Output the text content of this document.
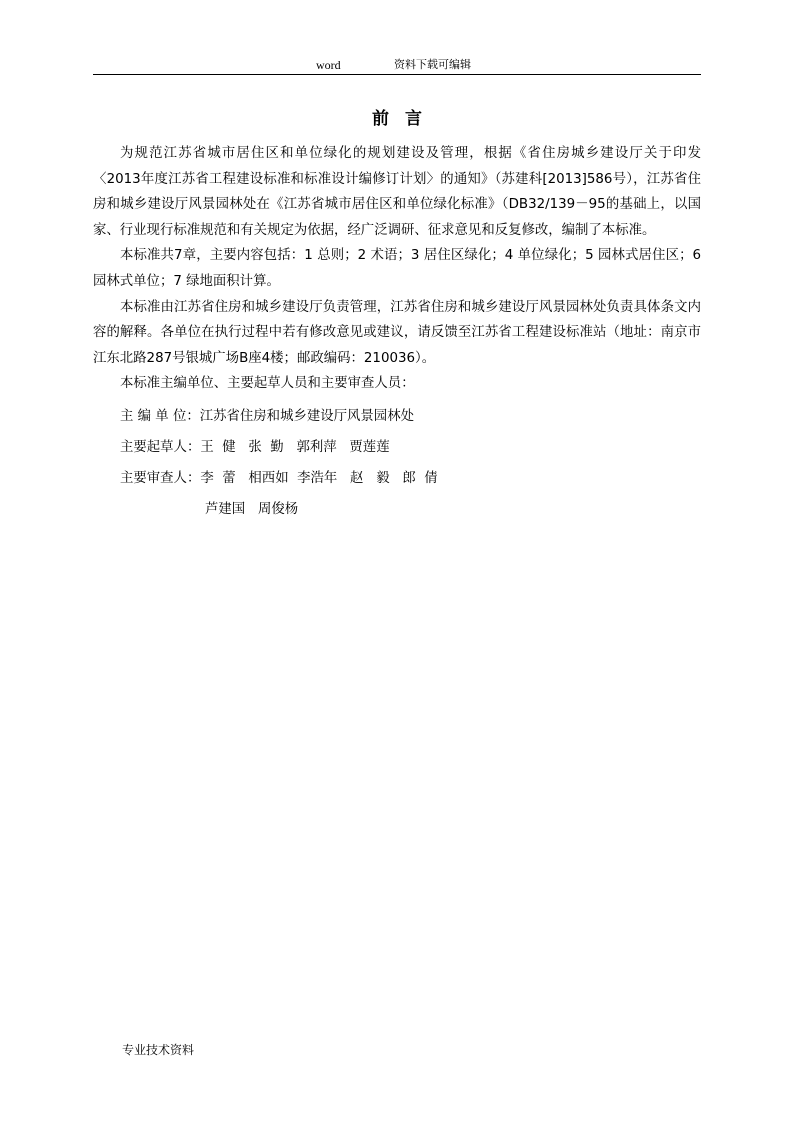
word	资料下载可编辑
前言

为规范江苏省城市居住区和单位绿化的规划建设及管理，根据《省住房城乡建设厅关于印发〈2013年度江苏省工程建设标准和标准设计编修订计划〉的通知》（苏建科[2013]586号），江苏省住房和城乡建设厅风景园林处在《江苏省城市居住区和单位绿化标准》（DB32/139－95的基础上，以国家、行业现行标准规范和有关规定为依据，经广泛调研、征求意见和反复修改，编制了本标准。

本标准共7章，主要内容包括：1 总则；2 术语；3 居住区绿化；4 单位绿化；5 园林式居住区；6 园林式单位；7 绿地面积计算。

本标准由江苏省住房和城乡建设厅负责管理，江苏省住房和城乡建设厅风景园林处负责具体条文内容的解释。各单位在执行过程中若有修改意见或建议，请反馈至江苏省工程建设标准站（地址：南京市江东北路287号银城广场B座4楼；邮政编码：210036）。

本标准主编单位、主要起草人员和主要审查人员：

主 编 单 位：江苏省住房和城乡建设厅风景园林处

主要起草人：王  健   张  勤   郭利萍   贾莲莲

主要审查人：李  蕾   相西如  李浩年   赵   毅   郎  倩

芦建国   周俊杨

专业技术资料
